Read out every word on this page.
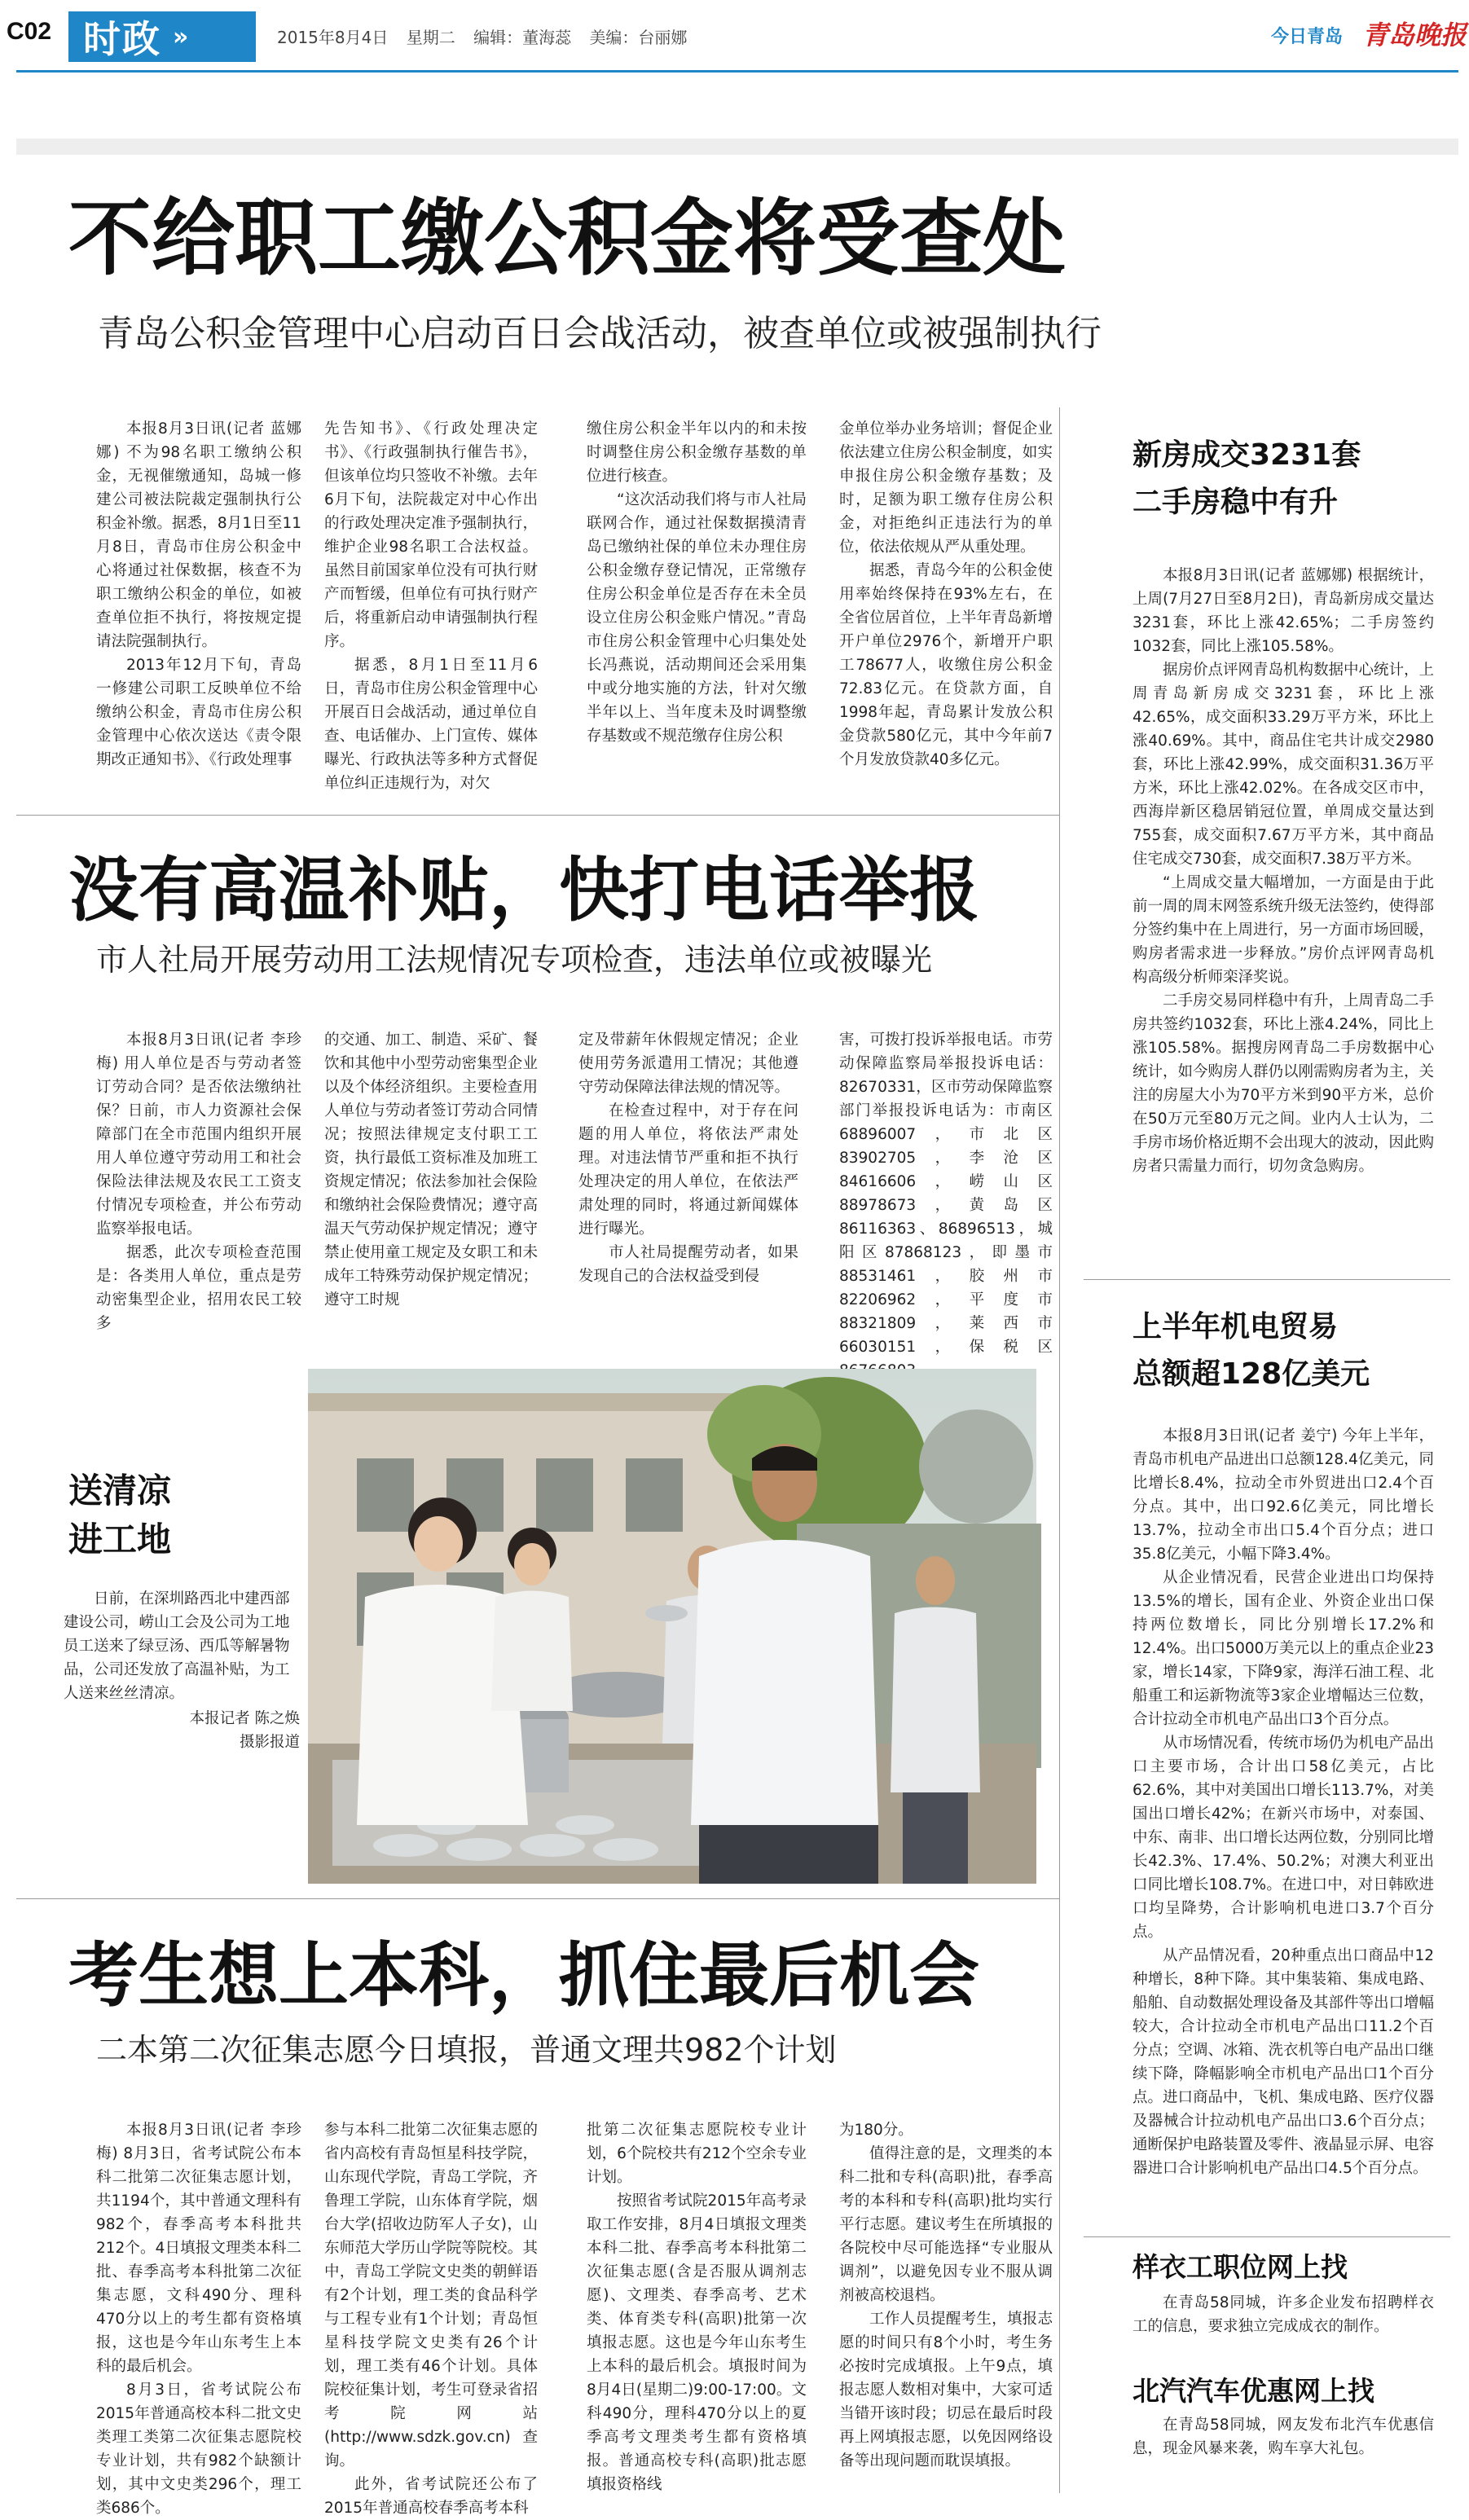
C02 时政 »	2015年8月4日 星期二 编辑：董海蕊 美编：台丽娜	今日青岛 青岛晚报
不给职工缴公积金将受查处
青岛公积金管理中心启动百日会战活动，被查单位或被强制执行

本报8月3日讯(记者 蓝娜娜) 不为98名职工缴纳公积金，无视催缴通知，岛城一修建公司被法院裁定强制执行公积金补缴。据悉，8月1日至11月8日，青岛市住房公积金中心将通过社保数据，核查不为职工缴纳公积金的单位，如被查单位拒不执行，将按规定提请法院强制执行。

2013年12月下旬，青岛一修建公司职工反映单位不给缴纳公积金，青岛市住房公积金管理中心依次送达《责令限期改正通知书》、《行政处理事

先告知书》、《行政处理决定书》、《行政强制执行催告书》，但该单位均只签收不补缴。去年6月下旬，法院裁定对中心作出的行政处理决定准予强制执行，维护企业98名职工合法权益。虽然目前国家单位没有可执行财产而暂缓，但单位有可执行财产后，将重新启动申请强制执行程序。

据悉，8月1日至11月6日，青岛市住房公积金管理中心开展百日会战活动，通过单位自查、电话催办、上门宣传、媒体曝光、行政执法等多种方式督促单位纠正违规行为，对欠

缴住房公积金半年以内的和未按时调整住房公积金缴存基数的单位进行核查。

“这次活动我们将与市人社局联网合作，通过社保数据摸清青岛已缴纳社保的单位未办理住房公积金缴存登记情况，正常缴存住房公积金单位是否存在未全员设立住房公积金账户情况。”青岛市住房公积金管理中心归集处处长冯燕说，活动期间还会采用集中或分地实施的方法，针对欠缴半年以上、当年度未及时调整缴存基数或不规范缴存住房公积

金单位举办业务培训；督促企业依法建立住房公积金制度，如实申报住房公积金缴存基数；及时，足额为职工缴存住房公积金，对拒绝纠正违法行为的单位，依法依规从严从重处理。

据悉，青岛今年的公积金使用率始终保持在93%左右，在全省位居首位，上半年青岛新增开户单位2976个，新增开户职工78677人，收缴住房公积金72.83亿元。在贷款方面，自1998年起，青岛累计发放公积金贷款580亿元，其中今年前7个月发放贷款40多亿元。

没有高温补贴，快打电话举报
市人社局开展劳动用工法规情况专项检查，违法单位或被曝光

本报8月3日讯(记者 李珍梅) 用人单位是否与劳动者签订劳动合同？是否依法缴纳社保？日前，市人力资源社会保障部门在全市范围内组织开展用人单位遵守劳动用工和社会保险法律法规及农民工工资支付情况专项检查，并公布劳动监察举报电话。

据悉，此次专项检查范围是：各类用人单位，重点是劳动密集型企业，招用农民工较多

的交通、加工、制造、采矿、餐饮和其他中小型劳动密集型企业以及个体经济组织。主要检查用人单位与劳动者签订劳动合同情况；按照法律规定支付职工工资，执行最低工资标准及加班工资规定情况；依法参加社会保险和缴纳社会保险费情况；遵守高温天气劳动保护规定情况；遵守禁止使用童工规定及女职工和未成年工特殊劳动保护规定情况；遵守工时规

定及带薪年休假规定情况；企业使用劳务派遣用工情况；其他遵守劳动保障法律法规的情况等。

在检查过程中，对于存在问题的用人单位，将依法严肃处理。对违法情节严重和拒不执行处理决定的用人单位，在依法严肃处理的同时，将通过新闻媒体进行曝光。

市人社局提醒劳动者，如果发现自己的合法权益受到侵

害，可拨打投诉举报电话。市劳动保障监察局举报投诉电话：82670331，区市劳动保障监察部门举报投诉电话为：市南区68896007，市北区83902705，李沧区84616606，崂山区88978673，黄岛区86116363、86896513，城阳区87868123，即墨市88531461，胶州市82206962，平度市88321809，莱西市66030151，保税区

送清凉
进工地

日前，在深圳路西北中建西部建设公司，崂山工会及公司为工地员工送来了绿豆汤、西瓜等解暑物品，公司还发放了高温补贴，为工人送来丝丝清凉。

本报记者 陈之焕
摄影报道
考生想上本科，抓住最后机会
二本第二次征集志愿今日填报，普通文理共982个计划

本报8月3日讯(记者 李珍梅) 8月3日，省考试院公布本科二批第二次征集志愿计划，共1194个，其中普通文理科有982个，春季高考本科批共212个。4日填报文理类本科二批、春季高考本科批第二次征集志愿，文科490分、理科470分以上的考生都有资格填报，这也是今年山东考生上本科的最后机会。

8月3日，省考试院公布2015年普通高校本科二批文史类理工类第二次征集志愿院校专业计划，共有982个缺额计划，其中文史类296个，理工类686个。

参与本科二批第二次征集志愿的省内高校有青岛恒星科技学院，山东现代学院，青岛工学院，齐鲁理工学院，山东体育学院，烟台大学(招收边防军人子女)，山东师范大学历山学院等院校。其中，青岛工学院文史类的朝鲜语有2个计划，理工类的食品科学与工程专业有1个计划；青岛恒星科技学院文史类有26个计划，理工类有46个计划。具体院校征集计划，考生可登录省招考院网站(http://www.sdzk.gov.cn)查询。

此外，省考试院还公布了2015年普通高校春季高考本科

批第二次征集志愿院校专业计划，6个院校共有212个空余专业计划。

按照省考试院2015年高考录取工作安排，8月4日填报文理类本科二批、春季高考本科批第二次征集志愿(含是否服从调剂志愿)、文理类、春季高考、艺术类、体育类专科(高职)批第一次填报志愿。这也是今年山东考生上本科的最后机会。填报时间为8月4日(星期二)9:00-17:00。文科490分，理科470分以上的夏季高考文理类考生都有资格填报。普通高校专科(高职)批志愿填报资格线

为180分。

值得注意的是，文理类的本科二批和专科(高职)批，春季高考的本科和专科(高职)批均实行平行志愿。建议考生在所填报的各院校中尽可能选择“专业服从调剂”，以避免因专业不服从调剂被高校退档。

工作人员提醒考生，填报志愿的时间只有8个小时，考生务必按时完成填报。上午9点，填报志愿人数相对集中，大家可适当错开该时段；切忌在最后时段再上网填报志愿，以免因网络设备等出现问题而耽误填报。

新房成交3231套
二手房稳中有升

本报8月3日讯(记者 蓝娜娜) 根据统计，上周(7月27日至8月2日)，青岛新房成交量达3231套，环比上涨42.65%；二手房签约1032套，同比上涨105.58%。

据房价点评网青岛机构数据中心统计，上周青岛新房成交3231套，环比上涨42.65%，成交面积33.29万平方米，环比上涨40.69%。其中，商品住宅共计成交2980套，环比上涨42.99%，成交面积31.36万平方米，环比上涨42.02%。在各成交区市中，西海岸新区稳居销冠位置，单周成交量达到755套，成交面积7.67万平方米，其中商品住宅成交730套，成交面积7.38万平方米。

“上周成交量大幅增加，一方面是由于此前一周的周末网签系统升级无法签约，使得部分签约集中在上周进行，另一方面市场回暖，购房者需求进一步释放。”房价点评网青岛机构高级分析师栾泽奖说。

二手房交易同样稳中有升，上周青岛二手房共签约1032套，环比上涨4.24%，同比上涨105.58%。据搜房网青岛二手房数据中心统计，如今购房人群仍以刚需购房者为主，关注的房屋大小为70平方米到90平方米，总价在50万元至80万元之间。业内人士认为，二手房市场价格近期不会出现大的波动，因此购房者只需量力而行，切勿贪急购房。

上半年机电贸易
总额超128亿美元

本报8月3日讯(记者 姜宁) 今年上半年，青岛市机电产品进出口总额128.4亿美元，同比增长8.4%，拉动全市外贸进出口2.4个百分点。其中，出口92.6亿美元，同比增长13.7%，拉动全市出口5.4个百分点；进口35.8亿美元，小幅下降3.4%。

从企业情况看，民营企业进出口均保持13.5%的增长，国有企业、外资企业出口保持两位数增长，同比分别增长17.2%和12.4%。出口5000万美元以上的重点企业23家，增长14家，下降9家，海洋石油工程、北船重工和运新物流等3家企业增幅达三位数，合计拉动全市机电产品出口3个百分点。

从市场情况看，传统市场仍为机电产品出口主要市场，合计出口58亿美元，占比62.6%，其中对美国出口增长113.7%，对美国出口增长42%；在新兴市场中，对泰国、中东、南非、出口增长达两位数，分别同比增长42.3%、17.4%、50.2%；对澳大利亚出口同比增长108.7%。在进口中，对日韩欧进口均呈降势，合计影响机电进口3.7个百分点。

从产品情况看，20种重点出口商品中12种增长，8种下降。其中集装箱、集成电路、船舶、自动数据处理设备及其部件等出口增幅较大，合计拉动全市机电产品出口11.2个百分点；空调、冰箱、洗衣机等白电产品出口继续下降，降幅影响全市机电产品出口1个百分点。进口商品中，飞机、集成电路、医疗仪器及器械合计拉动机电产品出口3.6个百分点；通断保护电路装置及零件、液晶显示屏、电容器进口合计影响机电产品出口4.5个百分点。

样衣工职位网上找

在青岛58同城，许多企业发布招聘样衣工的信息，要求独立完成成衣的制作。

北汽汽车优惠网上找

在青岛58同城，网友发布北汽车优惠信息，现金风暴来袭，购车享大礼包。
